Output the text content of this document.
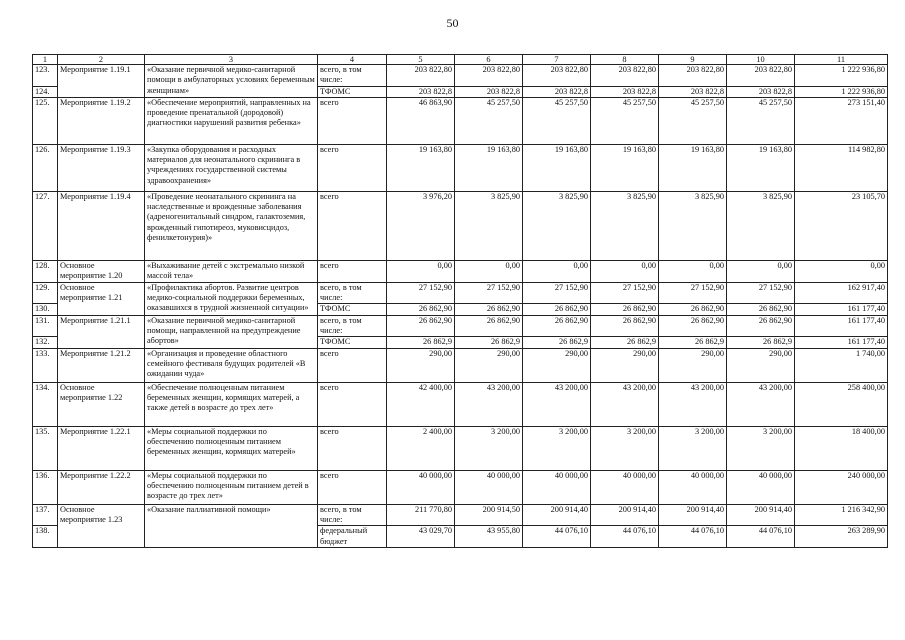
50
1	2	3	4	5	6	7	8	9	10	11
123.	Мероприятие 1.19.1	«Оказание первичной медико-санитарной помощи в амбулаторных условиях беременным женщинам»	всего, в том числе:	203 822,80	203 822,80	203 822,80	203 822,80	203 822,80	203 822,80	1 222 936,80
124.			ТФОМС	203 822,8	203 822,8	203 822,8	203 822,8	203 822,8	203 822,8	1 222 936,80
125.	Мероприятие 1.19.2	«Обеспечение мероприятий, направленных на проведение пренатальной (дородовой) диагностики нарушений развития ребенка»	всего	46 863,90	45 257,50	45 257,50	45 257,50	45 257,50	45 257,50	273 151,40
126.	Мероприятие 1.19.3	«Закупка оборудования и расходных материалов для неонатального скрининга в учреждениях государственной системы здравоохранения»	всего	19 163,80	19 163,80	19 163,80	19 163,80	19 163,80	19 163,80	114 982,80
127.	Мероприятие 1.19.4	«Проведение неонатального скрининга на наследственные и врожденные заболевания (адреногенитальный синдром, галактоземия, врожденный гипотиреоз, муковисцидоз, фенилкетонурия)»	всего	3 976,20	3 825,90	3 825,90	3 825,90	3 825,90	3 825,90	23 105,70
128.	Основное мероприятие 1.20	«Выхаживание детей с экстремально низкой массой тела»	всего	0,00	0,00	0,00	0,00	0,00	0,00	0,00
129.	Основное мероприятие 1.21	«Профилактика абортов. Развитие центров медико-социальной поддержки беременных, оказавшихся в трудной жизненной ситуации»	всего, в том числе:	27 152,90	27 152,90	27 152,90	27 152,90	27 152,90	27 152,90	162 917,40
130.			ТФОМС	26 862,90	26 862,90	26 862,90	26 862,90	26 862,90	26 862,90	161 177,40
131.	Мероприятие 1.21.1	«Оказание первичной медико-санитарной помощи, направленной на предупреждение абортов»	всего, в том числе:	26 862,90	26 862,90	26 862,90	26 862,90	26 862,90	26 862,90	161 177,40
132.			ТФОМС	26 862,9	26 862,9	26 862,9	26 862,9	26 862,9	26 862,9	161 177,40
133.	Мероприятие 1.21.2	«Организация и проведение областного семейного фестиваля будущих родителей «В ожидании чуда»	всего	290,00	290,00	290,00	290,00	290,00	290,00	1 740,00
134.	Основное мероприятие 1.22	«Обеспечение полноценным питанием беременных женщин, кормящих матерей, а также детей в возрасте до трех лет»	всего	42 400,00	43 200,00	43 200,00	43 200,00	43 200,00	43 200,00	258 400,00
135.	Мероприятие 1.22.1	«Меры социальной поддержки по обеспечению полноценным питанием беременных женщин, кормящих матерей»	всего	2 400,00	3 200,00	3 200,00	3 200,00	3 200,00	3 200,00	18 400,00
136.	Мероприятие 1.22.2	«Меры социальной поддержки по обеспечению полноценным питанием детей в возрасте до трех лет»	всего	40 000,00	40 000,00	40 000,00	40 000,00	40 000,00	40 000,00	240 000,00
137.	Основное мероприятие 1.23	«Оказание паллиативной помощи»	всего, в том числе:	211 770,80	200 914,50	200 914,40	200 914,40	200 914,40	200 914,40	1 216 342,90
138.			федеральный бюджет	43 029,70	43 955,80	44 076,10	44 076,10	44 076,10	44 076,10	263 289,90
